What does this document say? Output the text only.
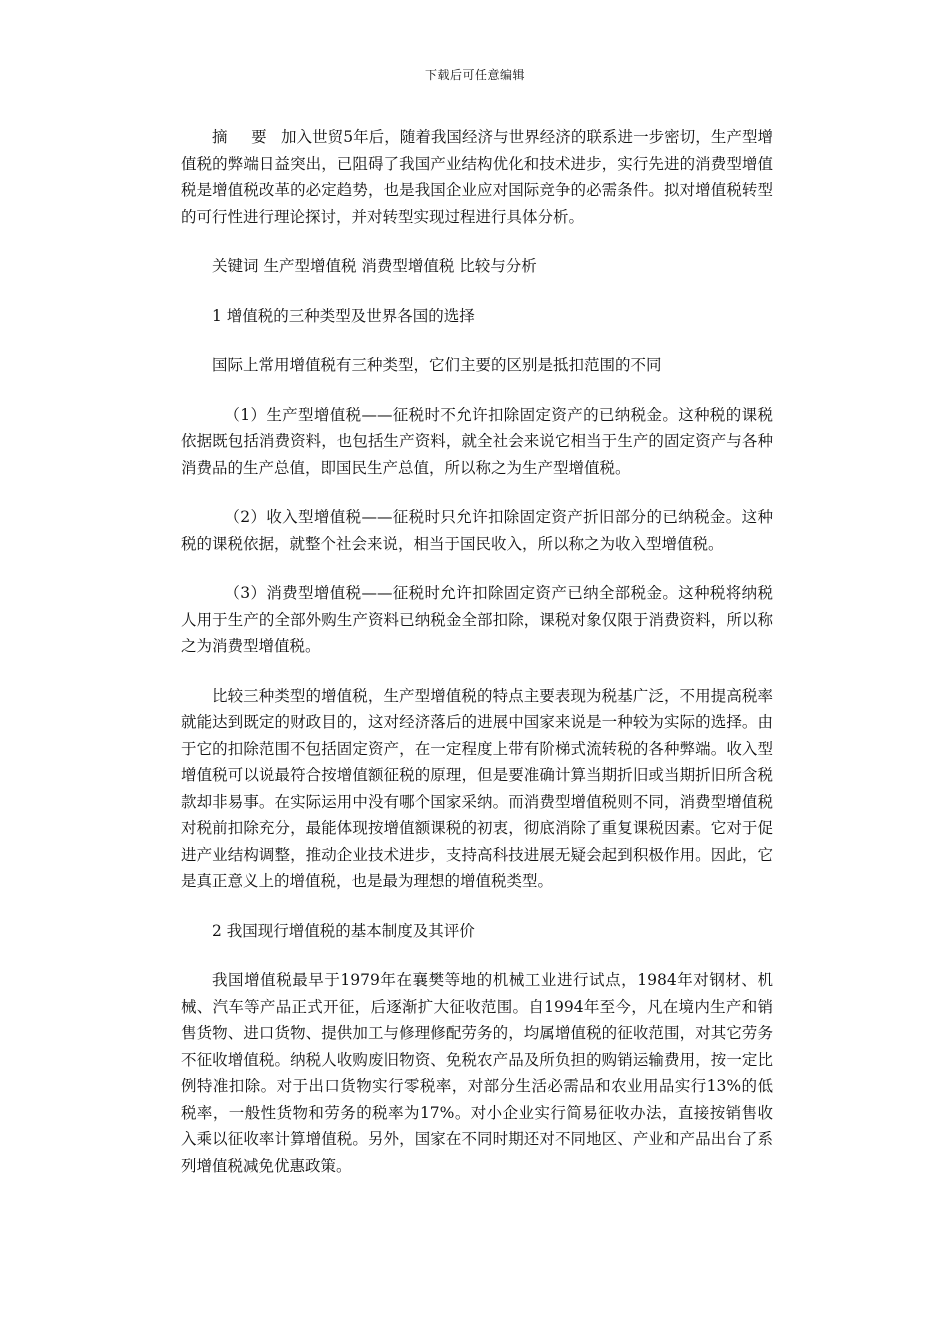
下载后可任意编辑

摘 要 加入世贸5年后，随着我国经济与世界经济的联系进一步密切，生产型增值税的弊端日益突出，已阻碍了我国产业结构优化和技术进步，实行先进的消费型增值税是增值税改革的必定趋势，也是我国企业应对国际竞争的必需条件。拟对增值税转型的可行性进行理论探讨，并对转型实现过程进行具体分析。

关键词 生产型增值税 消费型增值税 比较与分析

1 增值税的三种类型及世界各国的选择

国际上常用增值税有三种类型，它们主要的区别是抵扣范围的不同

（1）生产型增值税——征税时不允许扣除固定资产的已纳税金。这种税的课税依据既包括消费资料，也包括生产资料，就全社会来说它相当于生产的固定资产与各种消费品的生产总值，即国民生产总值，所以称之为生产型增值税。

（2）收入型增值税——征税时只允许扣除固定资产折旧部分的已纳税金。这种税的课税依据，就整个社会来说，相当于国民收入，所以称之为收入型增值税。

（3）消费型增值税——征税时允许扣除固定资产已纳全部税金。这种税将纳税人用于生产的全部外购生产资料已纳税金全部扣除，课税对象仅限于消费资料，所以称之为消费型增值税。

比较三种类型的增值税，生产型增值税的特点主要表现为税基广泛，不用提高税率就能达到既定的财政目的，这对经济落后的进展中国家来说是一种较为实际的选择。由于它的扣除范围不包括固定资产，在一定程度上带有阶梯式流转税的各种弊端。收入型增值税可以说最符合按增值额征税的原理，但是要准确计算当期折旧或当期折旧所含税款却非易事。在实际运用中没有哪个国家采纳。而消费型增值税则不同，消费型增值税对税前扣除充分，最能体现按增值额课税的初衷，彻底消除了重复课税因素。它对于促进产业结构调整，推动企业技术进步，支持高科技进展无疑会起到积极作用。因此，它是真正意义上的增值税，也是最为理想的增值税类型。

2 我国现行增值税的基本制度及其评价

我国增值税最早于1979年在襄樊等地的机械工业进行试点，1984年对钢材、机械、汽车等产品正式开征，后逐渐扩大征收范围。自1994年至今，凡在境内生产和销售货物、进口货物、提供加工与修理修配劳务的，均属增值税的征收范围，对其它劳务不征收增值税。纳税人收购废旧物资、免税农产品及所负担的购销运输费用，按一定比例特准扣除。对于出口货物实行零税率，对部分生活必需品和农业用品实行13%的低税率，一般性货物和劳务的税率为17%。对小企业实行简易征收办法，直接按销售收入乘以征收率计算增值税。另外，国家在不同时期还对不同地区、产业和产品出台了系列增值税减免优惠政策。
